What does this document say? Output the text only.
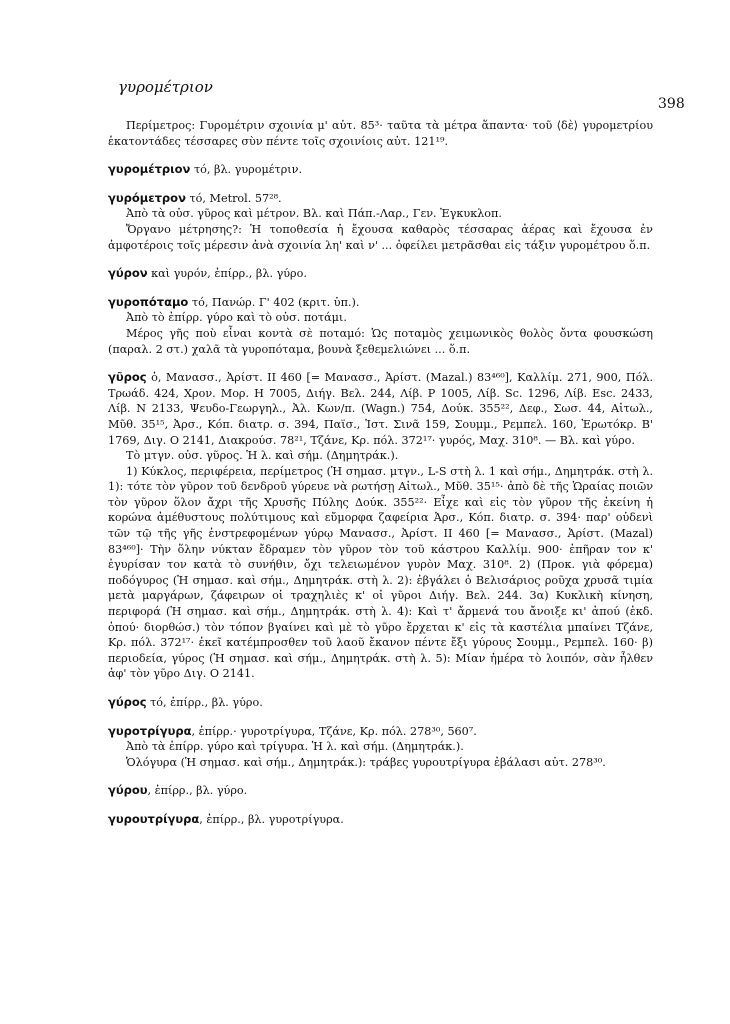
γυρομέτριον
398

Περίμετρος: Γυρομέτριν σχοινία μ' αὐτ. 85³· ταῦτα τὰ μέτρα ἅπαντα· τοῦ ⟨δὲ⟩ γυρομετρίου ἑκατοντάδες τέσσαρες σὺν πέντε τοῖς σχοινίοις αὐτ. 121¹⁹.

γυρομέτριον τό, βλ. γυρομέτριν.

γυρόμετρον τό, Metrol. 57²⁸.

Ἀπὸ τὰ οὐσ. γῦρος καὶ μέτρον. Βλ. καὶ Πάπ.-Λαρ., Γεν. Ἐγκυκλοπ.

Ὄργανο μέτρησης?: Ἡ τοποθεσία ἡ ἔχουσα καθαρὸς τέσσαρας ἀέρας καὶ ἔχουσα ἐν ἀμφοτέροις τοῖς μέρεσιν ἀνὰ σχοινία λη' καὶ ν' ... ὀφείλει μετρᾶσθαι εἰς τάξιν γυρομέτρου ὅ.π.

γύρον καὶ γυρόν, ἐπίρρ., βλ. γύρο.

γυροπόταμο τό, Πανώρ. Γ' 402 (κριτ. ὑπ.).

Ἀπὸ τὸ ἐπίρρ. γύρο καὶ τὸ οὐσ. ποτάμι.

Μέρος γῆς ποὺ εἶναι κοντὰ σὲ ποταμό: Ὡς ποταμὸς χειμωνικὸς θολὸς ὄντα φουσκώση (παραλ. 2 στ.) χαλᾶ τὰ γυροπόταμα, βουνὰ ξεθεμελιώνει ... ὅ.π.

γῦρος ὁ, Μανασσ., Ἀρίστ. ΙΙ 460 [= Μανασσ., Ἀρίστ. (Mazal.) 83⁴⁶⁰], Καλλίμ. 271, 900, Πόλ. Τρωάδ. 424, Χρον. Μορ. Η 7005, Διήγ. Βελ. 244, Λίβ. P 1005, Λίβ. Sc. 1296, Λίβ. Esc. 2433, Λίβ. N 2133, Ψευδο-Γεωργηλ., Ἀλ. Κων/π. (Wagn.) 754, Δούκ. 355²², Δεφ., Σωσ. 44, Αἰτωλ., Μῦθ. 35¹⁵, Ἀρσ., Κόπ. διατρ. σ. 394, Παϊσ., Ἱστ. Σινᾶ 159, Σουμμ., Ρεμπελ. 160, Ἐρωτόκρ. Β' 1769, Διγ. Ο 2141, Διακρούσ. 78²¹, Τζάνε, Κρ. πόλ. 372¹⁷· γυρός, Μαχ. 310⁸. — Βλ. καὶ γύρο.

Τὸ μτγν. οὐσ. γῦρος. Ἡ λ. καὶ σήμ. (Δημητράκ.).

1) Κύκλος, περιφέρεια, περίμετρος (Ἡ σημασ. μτγν., L-S στὴ λ. 1 καὶ σήμ., Δημητράκ. στὴ λ. 1): τότε τὸν γῦρον τοῦ δενδροῦ γύρευε νὰ ρωτήσῃ Αἰτωλ., Μῦθ. 35¹⁵· ἀπὸ δὲ τῆς Ὡραίας ποιῶν τὸν γῦρον ὅλον ἄχρι τῆς Χρυσῆς Πύλης Δούκ. 355²²· Εἶχε καὶ εἰς τὸν γῦρον τῆς ἐκείνη ἡ κορώνα ἀμέθυστους πολύτιμους καὶ εὔμορφα ζαφείρια Ἀρσ., Κόπ. διατρ. σ. 394· παρ' οὐδενὶ τῶν τῷ τῆς γῆς ἐνστρεφομένων γύρῳ Μανασσ., Ἀρίστ. ΙΙ 460 [= Μανασσ., Ἀρίστ. (Mazal) 83⁴⁶⁰]· Τὴν ὅλην νύκταν ἔδραμεν τὸν γῦρον τὸν τοῦ κάστρου Καλλίμ. 900· ἐπῆραν τον κ' ἐγυρίσαν τον κατὰ τὸ συνήθιν, ὄχι τελειωμένον γυρὸν Μαχ. 310⁸. 2) (Προκ. γιὰ φόρεμα) ποδόγυρος (Ἡ σημασ. καὶ σήμ., Δημητράκ. στὴ λ. 2): ἐβγάλει ὁ Βελισάριος ροῦχα χρυσᾶ τιμία μετὰ μαργάρων, ζάφειρων οἱ τραχηλιὲς κ' οἱ γῦροι Διήγ. Βελ. 244. 3α) Κυκλικὴ κίνηση, περιφορά (Ἡ σημασ. καὶ σήμ., Δημητράκ. στὴ λ. 4): Καὶ τ' ἄρμενά του ἄνοιξε κι' ἀπού (ἐκδ. ὁπού· διορθώσ.) τὸν τόπον βγαίνει καὶ μὲ τὸ γῦρο ἔρχεται κ' εἰς τὰ καστέλια μπαίνει Τζάνε, Κρ. πόλ. 372¹⁷· ἐκεῖ κατέμπροσθεν τοῦ λαοῦ ἔκανον πέντε ἔξι γύρους Σουμμ., Ρεμπελ. 160· β) περιοδεία, γύρος (Ἡ σημασ. καὶ σήμ., Δημητράκ. στὴ λ. 5): Μίαν ἡμέρα τὸ λοιπόν, σὰν ἦλθεν ἀφ' τὸν γῦρο Διγ. Ο 2141.

γύρος τό, ἐπίρρ., βλ. γύρο.

γυροτρίγυρα, ἐπίρρ.· γυροτρίγυρα, Τζάνε, Κρ. πόλ. 278³⁰, 560⁷.

Ἀπὸ τὰ ἐπίρρ. γύρο καὶ τρίγυρα. Ἡ λ. καὶ σήμ. (Δημητράκ.).

Ὁλόγυρα (Ἡ σημασ. καὶ σήμ., Δημητράκ.): τράβες γυρουτρίγυρα ἐβάλασι αὐτ. 278³⁰.

γύρου, ἐπίρρ., βλ. γύρο.

γυρουτρίγυρα, ἐπίρρ., βλ. γυροτρίγυρα.
